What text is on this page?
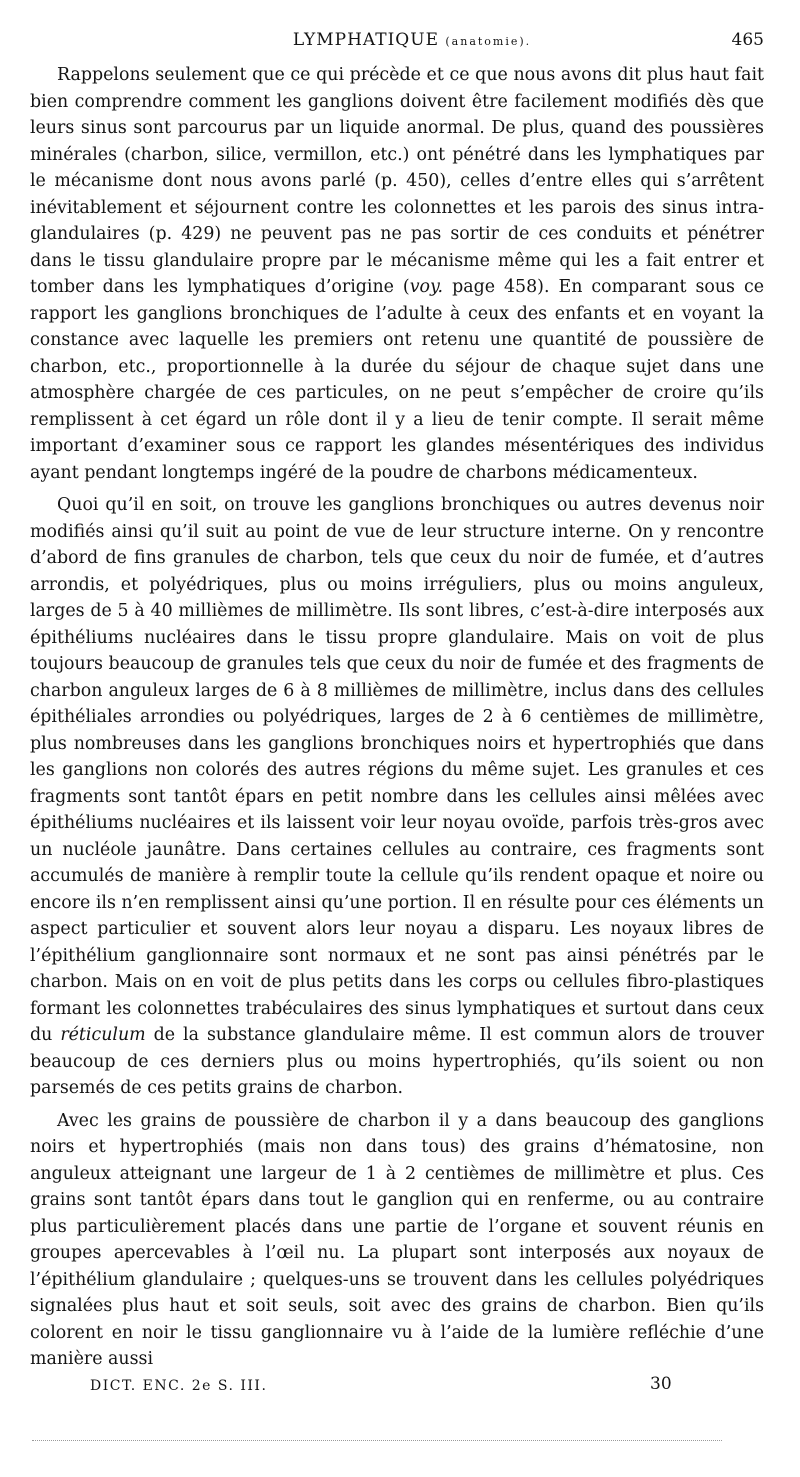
LYMPHATIQUE (anatomie).	465

Rappelons seulement que ce qui précède et ce que nous avons dit plus haut fait bien comprendre comment les ganglions doivent être facilement modifiés dès que leurs sinus sont parcourus par un liquide anormal. De plus, quand des poussières minérales (charbon, silice, vermillon, etc.) ont pénétré dans les lymphatiques par le mécanisme dont nous avons parlé (p. 450), celles d’entre elles qui s’arrêtent inévitablement et séjournent contre les colonnettes et les parois des sinus intra-glandulaires (p. 429) ne peuvent pas ne pas sortir de ces conduits et pénétrer dans le tissu glandulaire propre par le mécanisme même qui les a fait entrer et tomber dans les lymphatiques d’origine (voy. page 458). En comparant sous ce rapport les ganglions bronchiques de l’adulte à ceux des enfants et en voyant la constance avec laquelle les premiers ont retenu une quantité de poussière de charbon, etc., proportionnelle à la durée du séjour de chaque sujet dans une atmosphère chargée de ces particules, on ne peut s’empêcher de croire qu’ils remplissent à cet égard un rôle dont il y a lieu de tenir compte. Il serait même important d’examiner sous ce rapport les glandes mésentériques des individus ayant pendant longtemps ingéré de la poudre de charbons médicamenteux.

Quoi qu’il en soit, on trouve les ganglions bronchiques ou autres devenus noir modifiés ainsi qu’il suit au point de vue de leur structure interne. On y rencontre d’abord de fins granules de charbon, tels que ceux du noir de fumée, et d’autres arrondis, et polyédriques, plus ou moins irréguliers, plus ou moins anguleux, larges de 5 à 40 millièmes de millimètre. Ils sont libres, c’est-à-dire interposés aux épithéliums nucléaires dans le tissu propre glandulaire. Mais on voit de plus toujours beaucoup de granules tels que ceux du noir de fumée et des fragments de charbon anguleux larges de 6 à 8 millièmes de millimètre, inclus dans des cellules épithéliales arrondies ou polyédriques, larges de 2 à 6 centièmes de millimètre, plus nombreuses dans les ganglions bronchiques noirs et hypertrophiés que dans les ganglions non colorés des autres régions du même sujet. Les granules et ces fragments sont tantôt épars en petit nombre dans les cellules ainsi mêlées avec épithéliums nucléaires et ils laissent voir leur noyau ovoïde, parfois très-gros avec un nucléole jaunâtre. Dans certaines cellules au contraire, ces fragments sont accumulés de manière à remplir toute la cellule qu’ils rendent opaque et noire ou encore ils n’en remplissent ainsi qu’une portion. Il en résulte pour ces éléments un aspect particulier et souvent alors leur noyau a disparu. Les noyaux libres de l’épithélium ganglionnaire sont normaux et ne sont pas ainsi pénétrés par le charbon. Mais on en voit de plus petits dans les corps ou cellules fibro-plastiques formant les colonnettes trabéculaires des sinus lymphatiques et surtout dans ceux du réticulum de la substance glandulaire même. Il est commun alors de trouver beaucoup de ces derniers plus ou moins hypertrophiés, qu’ils soient ou non parsemés de ces petits grains de charbon.

Avec les grains de poussière de charbon il y a dans beaucoup des ganglions noirs et hypertrophiés (mais non dans tous) des grains d’hématosine, non anguleux atteignant une largeur de 1 à 2 centièmes de millimètre et plus. Ces grains sont tantôt épars dans tout le ganglion qui en renferme, ou au contraire plus particulièrement placés dans une partie de l’organe et souvent réunis en groupes apercevables à l’œil nu. La plupart sont interposés aux noyaux de l’épithélium glandulaire ; quelques-uns se trouvent dans les cellules polyédriques signalées plus haut et soit seuls, soit avec des grains de charbon. Bien qu’ils colorent en noir le tissu ganglionnaire vu à l’aide de la lumière refléchie d’une manière aussi

DICT. ENC. 2e S. III.	30
